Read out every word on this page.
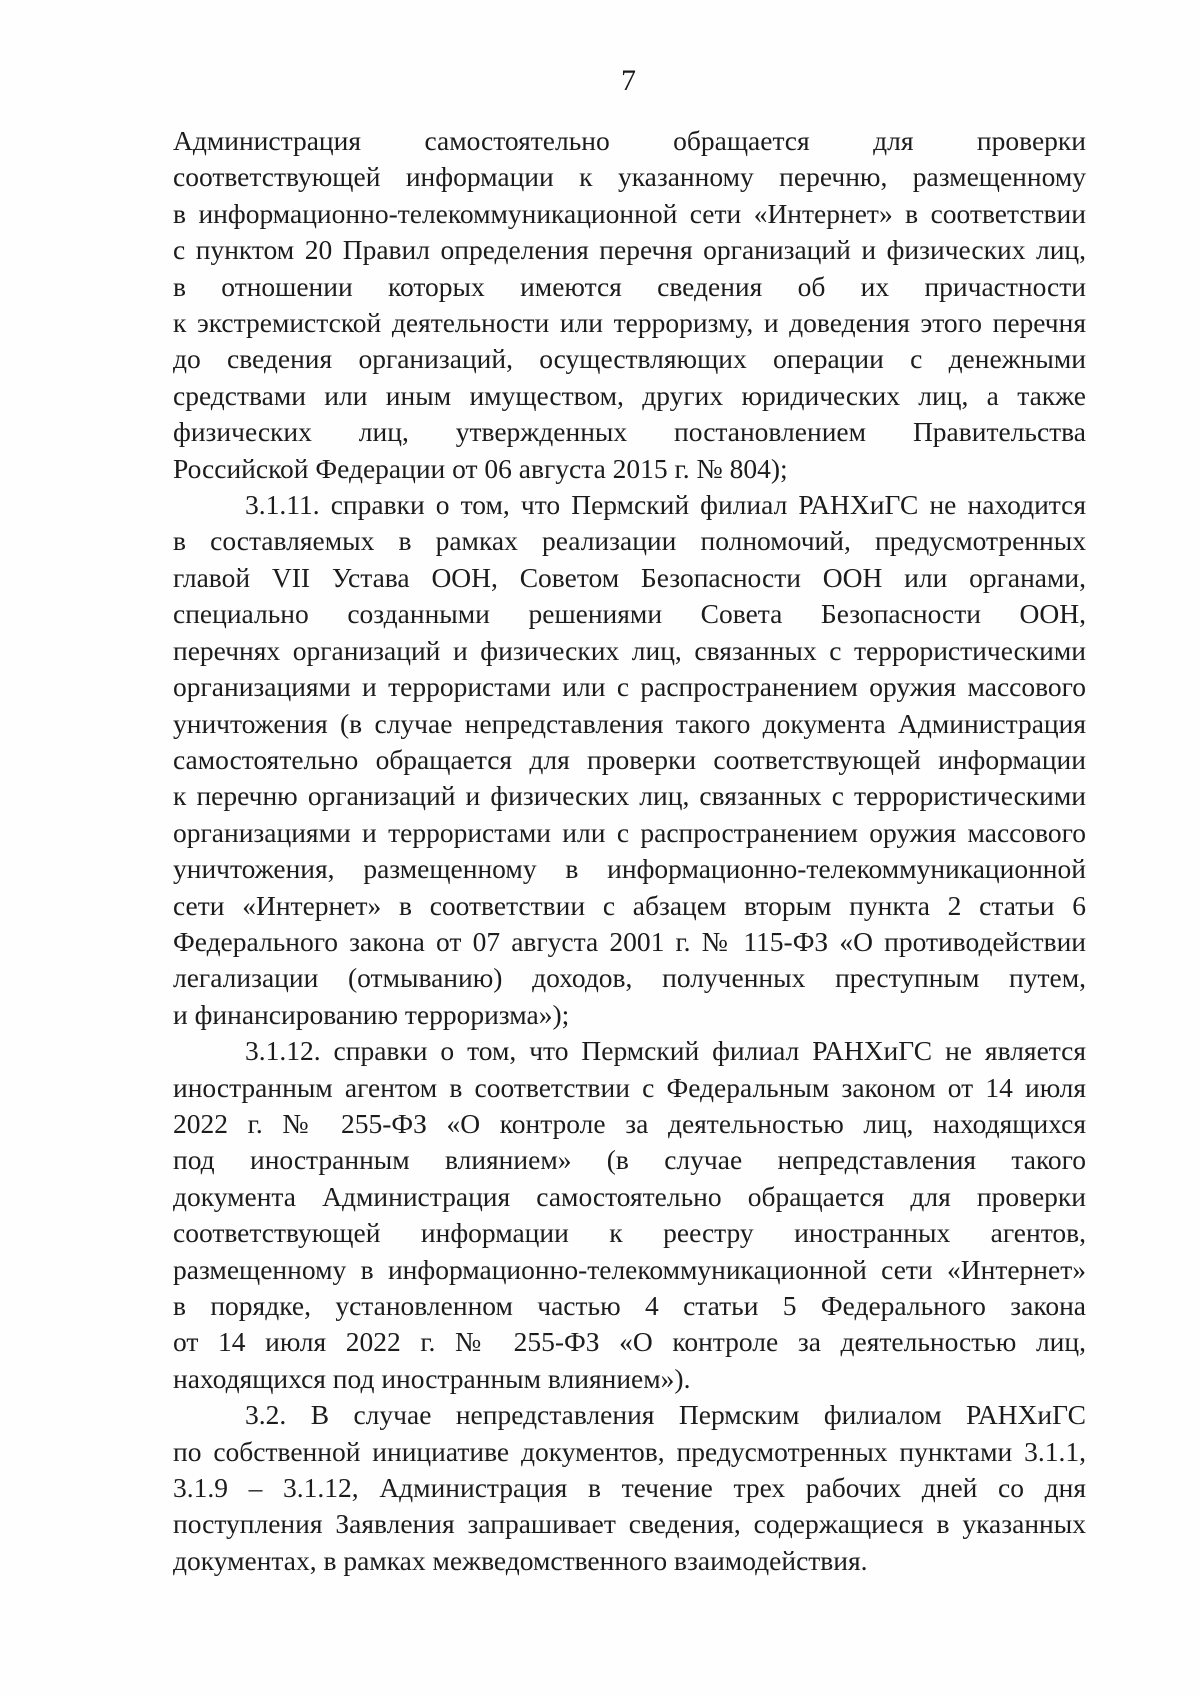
7

Администрация самостоятельно обращается для проверки
соответствующей информации к указанному перечню, размещенному
в информационно-телекоммуникационной сети «Интернет» в соответствии
с пунктом 20 Правил определения перечня организаций и физических лиц,
в отношении которых имеются сведения об их причастности
к экстремистской деятельности или терроризму, и доведения этого перечня
до сведения организаций, осуществляющих операции с денежными
средствами или иным имуществом, других юридических лиц, а также
физических лиц, утвержденных постановлением Правительства
Российской Федерации от 06 августа 2015 г. № 804);

3.1.11. справки о том, что Пермский филиал РАНХиГС не находится
в составляемых в рамках реализации полномочий, предусмотренных
главой VII Устава ООН, Советом Безопасности ООН или органами,
специально созданными решениями Совета Безопасности ООН,
перечнях организаций и физических лиц, связанных с террористическими
организациями и террористами или с распространением оружия массового
уничтожения (в случае непредставления такого документа Администрация
самостоятельно обращается для проверки соответствующей информации
к перечню организаций и физических лиц, связанных с террористическими
организациями и террористами или с распространением оружия массового
уничтожения, размещенному в информационно-телекоммуникационной
сети «Интернет» в соответствии с абзацем вторым пункта 2 статьи 6
Федерального закона от 07 августа 2001 г. № 115-ФЗ «О противодействии
легализации (отмыванию) доходов, полученных преступным путем,
и финансированию терроризма»);

3.1.12. справки о том, что Пермский филиал РАНХиГС не является
иностранным агентом в соответствии с Федеральным законом от 14 июля
2022 г. № 255-ФЗ «О контроле за деятельностью лиц, находящихся
под иностранным влиянием» (в случае непредставления такого
документа Администрация самостоятельно обращается для проверки
соответствующей информации к реестру иностранных агентов,
размещенному в информационно-телекоммуникационной сети «Интернет»
в порядке, установленном частью 4 статьи 5 Федерального закона
от 14 июля 2022 г. № 255-ФЗ «О контроле за деятельностью лиц,
находящихся под иностранным влиянием»).

3.2. В случае непредставления Пермским филиалом РАНХиГС
по собственной инициативе документов, предусмотренных пунктами 3.1.1,
3.1.9 – 3.1.12, Администрация в течение трех рабочих дней со дня
поступления Заявления запрашивает сведения, содержащиеся в указанных
документах, в рамках межведомственного взаимодействия.
